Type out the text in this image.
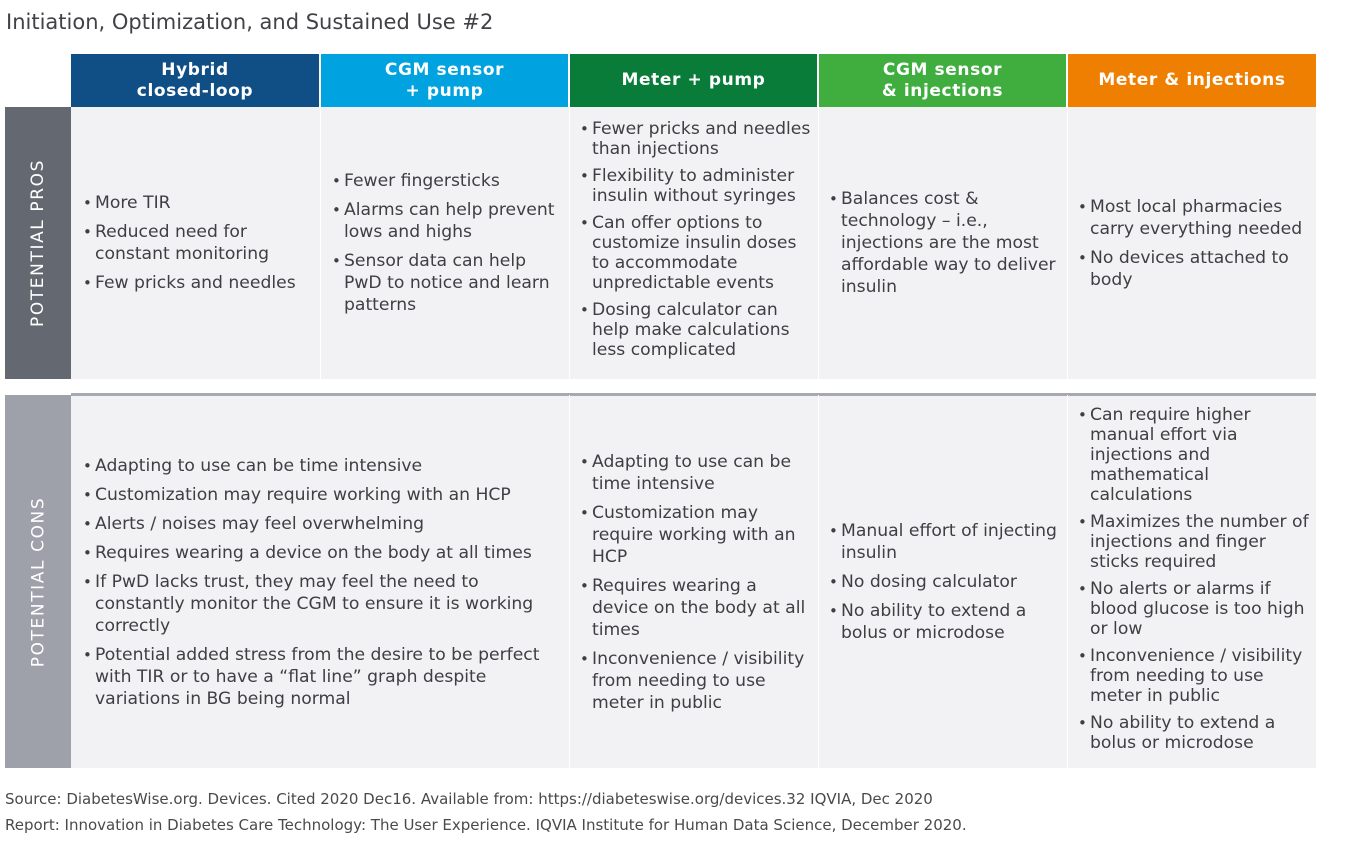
Initiation, Optimization, and Sustained Use #2
Hybrid
closed-loop
CGM sensor
+ pump
Meter + pump
CGM sensor
& injections
Meter & injections
POTENTIAL PROS
POTENTIAL CONS
• More TIR
• Reduced need for constant monitoring
• Few pricks and needles
• Fewer fingersticks
• Alarms can help prevent lows and highs
• Sensor data can help PwD to notice and learn patterns
• Fewer pricks and needles than injections
• Flexibility to administer insulin without syringes
• Can offer options to customize insulin doses to accommodate unpredictable events
• Dosing calculator can help make calculations less complicated
• Balances cost & technology – i.e., injections are the most affordable way to deliver insulin
• Most local pharmacies carry everything needed
• No devices attached to body
• Adapting to use can be time intensive
• Customization may require working with an HCP
• Alerts / noises may feel overwhelming
• Requires wearing a device on the body at all times
• If PwD lacks trust, they may feel the need to constantly monitor the CGM to ensure it is working correctly
• Potential added stress from the desire to be perfect with TIR or to have a “flat line” graph despite variations in BG being normal
• Adapting to use can be time intensive
• Customization may require working with an HCP
• Requires wearing a device on the body at all times
• Inconvenience / visibility from needing to use meter in public
• Manual effort of injecting insulin
• No dosing calculator
• No ability to extend a bolus or microdose
• Can require higher manual effort via injections and mathematical calculations
• Maximizes the number of injections and finger sticks required
• No alerts or alarms if blood glucose is too high or low
• Inconvenience / visibility from needing to use meter in public
• No ability to extend a bolus or microdose
Source: DiabetesWise.org. Devices. Cited 2020 Dec16. Available from: https://diabeteswise.org/devices.32 IQVIA, Dec 2020
Report: Innovation in Diabetes Care Technology: The User Experience. IQVIA Institute for Human Data Science, December 2020.
